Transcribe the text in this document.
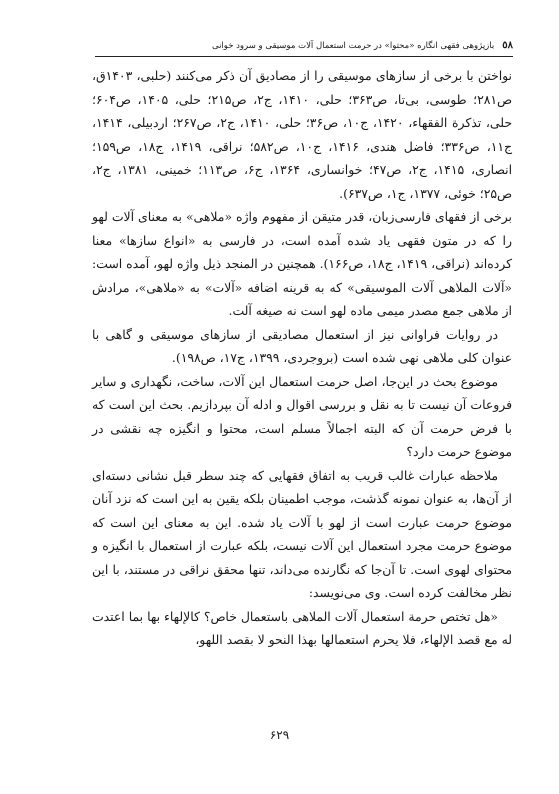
٥٨
بازپژوهی فقهی انگاره «محتوا» در حرمت استعمال آلات موسیقی و سرود خوانی

نواختن با برخی از سازهای موسیقی را از مصادیق آن ذکر می‌کنند (حلبی، ۱۴۰۳ق، ص۲۸۱؛ طوسی، بی‌تا، ص۳۶۳؛ حلی، ۱۴۱۰، ج۲، ص۲۱۵؛ حلی، ۱۴۰۵، ص۶۰۴؛ حلی، تذکرة الفقهاء، ۱۴۲۰، ج۱۰، ص۳۶؛ حلی، ۱۴۱۰، ج۲، ص۲۶۷؛ اردبیلی، ۱۴۱۴، ج۱۱، ص۳۳۶؛ فاضل هندی، ۱۴۱۶، ج۱۰، ص۵۸۲؛ نراقی، ۱۴۱۹، ج۱۸، ص۱۵۹؛ انصاری، ۱۴۱۵، ج۲، ص۴۷؛ خوانساری، ۱۳۶۴، ج۶، ص۱۱۳؛ خمینی، ۱۳۸۱، ج۲، ص۲۵؛ خوئی، ۱۳۷۷، ج۱، ص۶۳۷).

برخی از فقهای فارسی‌زبان، قدر متیقن از مفهوم واژه «ملاهی» به معنای آلات لهو را که در متون فقهی یاد شده آمده است، در فارسی به «انواع سازها» معنا کرده‌اند (نراقی، ۱۴۱۹، ج۱۸، ص۱۶۶). همچنین در المنجد ذیل واژه لهو، آمده است: «آلات الملاهی آلات الموسیقی» که به قرینه اضافه «آلات» به «ملاهی»، مرادش از ملاهی جمع مصدر میمی ماده لهو است نه صیغه آلت.

در روایات فراوانی نیز از استعمال مصادیقی از سازهای موسیقی و گاهی با عنوان کلی ملاهی نهی شده است (بروجردی، ۱۳۹۹، ج۱۷، ص۱۹۸).

موضوع بحث در این‌جا، اصل حرمت استعمال این آلات، ساخت، نگهداری و سایر فروعات آن نیست تا به نقل و بررسی اقوال و ادله آن بپردازیم. بحث این است که با فرض حرمت آن که البته اجمالاً مسلم است، محتوا و انگیزه چه نقشی در موضوع حرمت دارد؟

ملاحظه عبارات غالب قریب به اتفاق فقهایی که چند سطر قبل نشانی دسته‌ای از آن‌ها، به عنوان نمونه گذشت، موجب اطمینان بلکه یقین به این است که نزد آنان موضوع حرمت عبارت است از لهو با آلات یاد شده. این به معنای این است که موضوع حرمت مجرد استعمال این آلات نیست، بلکه عبارت از استعمال با انگیزه و محتوای لهوی است. تا آن‌جا که نگارنده می‌داند، تنها محقق نراقی در مستند، با این نظر مخالفت کرده است. وی می‌نویسد:

«هل تختص حرمة استعمال آلات الملاهی باستعمال خاص؟ کالإلهاء بها بما اعتدت له مع قصد الإلهاء، فلا یحرم استعمالها بهذا النحو لا بقصد اللهو،

۶۲۹
